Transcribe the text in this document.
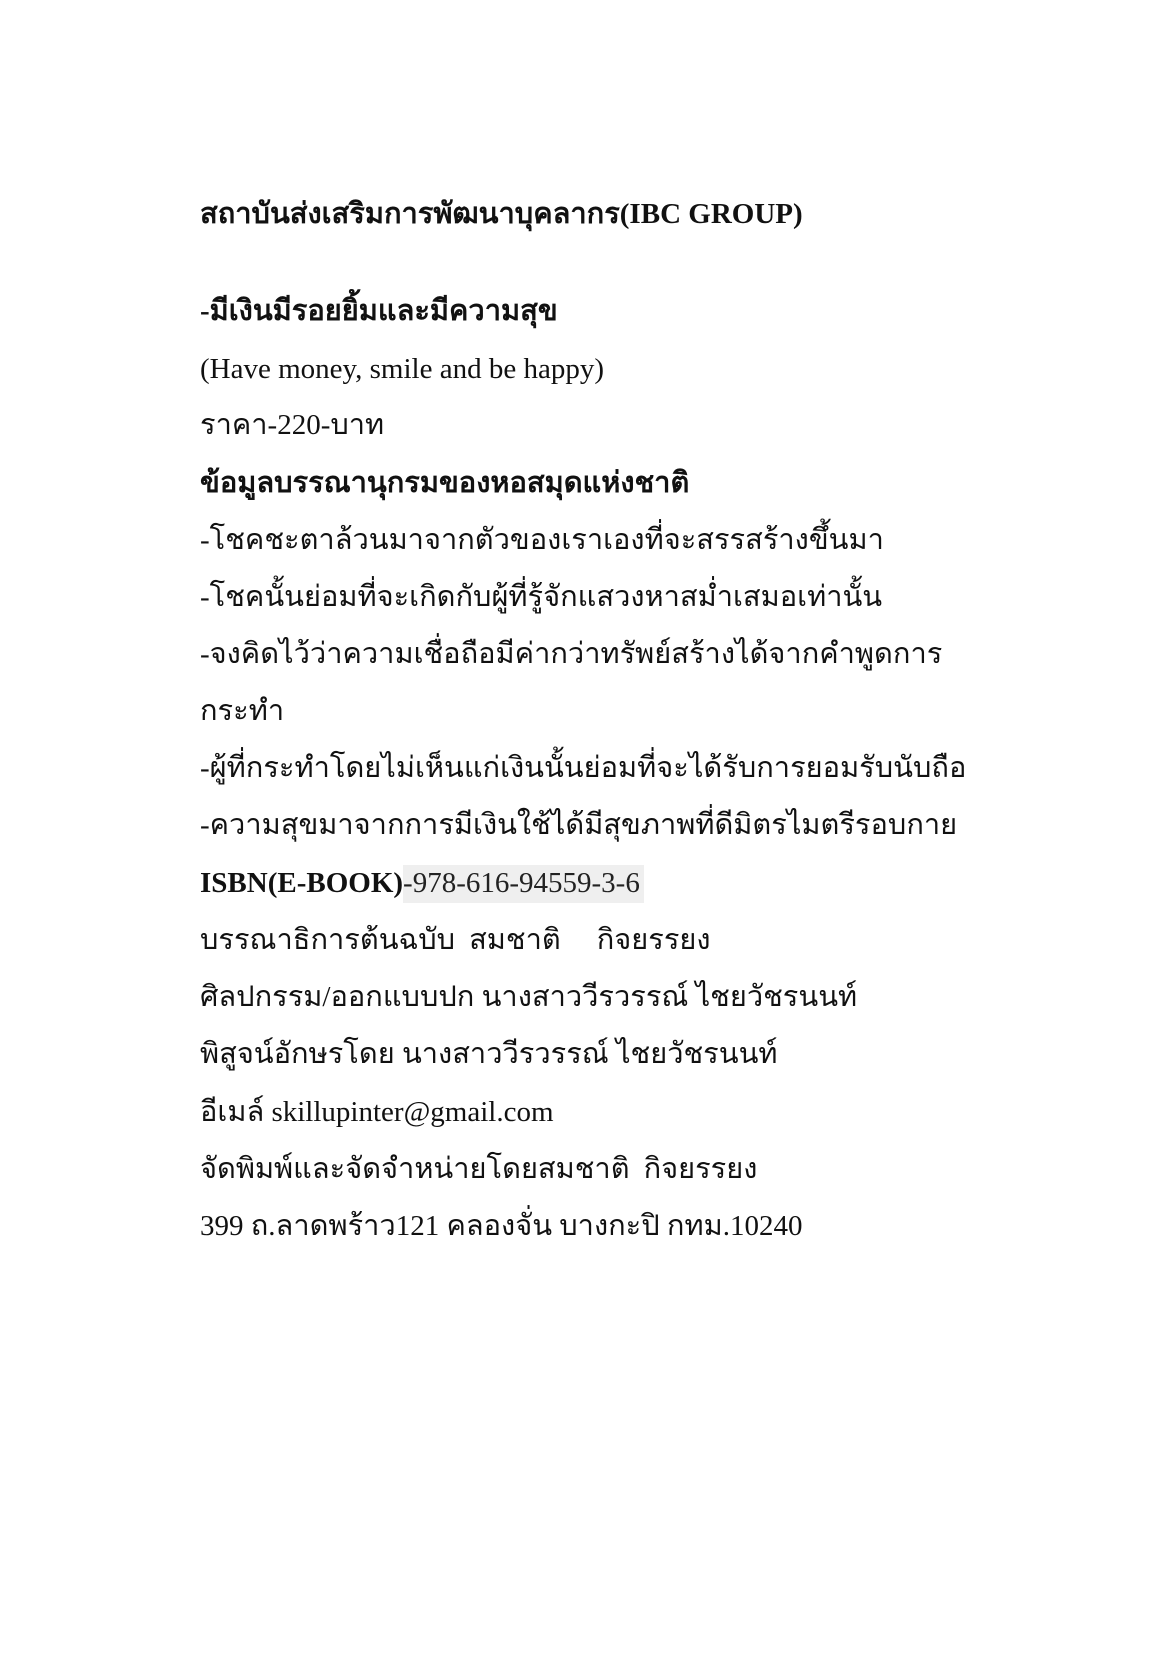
สถาบันส่งเสริมการพัฒนาบุคลากร(IBC GROUP)
-มีเงินมีรอยยิ้มและมีความสุข
(Have money, smile and be happy)
ราคา-220-บาท
ข้อมูลบรรณานุกรมของหอสมุดแห่งชาติ
-โชคชะตาล้วนมาจากตัวของเราเองที่จะสรรสร้างขึ้นมา
-โชคนั้นย่อมที่จะเกิดกับผู้ที่รู้จักแสวงหาสม่ำเสมอเท่านั้น
-จงคิดไว้ว่าความเชื่อถือมีค่ากว่าทรัพย์สร้างได้จากคำพูดการ
กระทำ
-ผู้ที่กระทำโดยไม่เห็นแก่เงินนั้นย่อมที่จะได้รับการยอมรับนับถือ
-ความสุขมาจากการมีเงินใช้ได้มีสุขภาพที่ดีมิตรไมตรีรอบกาย
ISBN(E-BOOK)-978-616-94559-3-6
บรรณาธิการต้นฉบับ สมชาติ กิจยรรยง
ศิลปกรรม/ออกแบบปก นางสาววีรวรรณ์ ไชยวัชรนนท์
พิสูจน์อักษรโดย นางสาววีรวรรณ์ ไชยวัชรนนท์
อีเมล์ skillupinter@gmail.com
จัดพิมพ์และจัดจำหน่ายโดยสมชาติ กิจยรรยง
399 ถ.ลาดพร้าว121 คลองจั่น บางกะปิ กทม.10240
